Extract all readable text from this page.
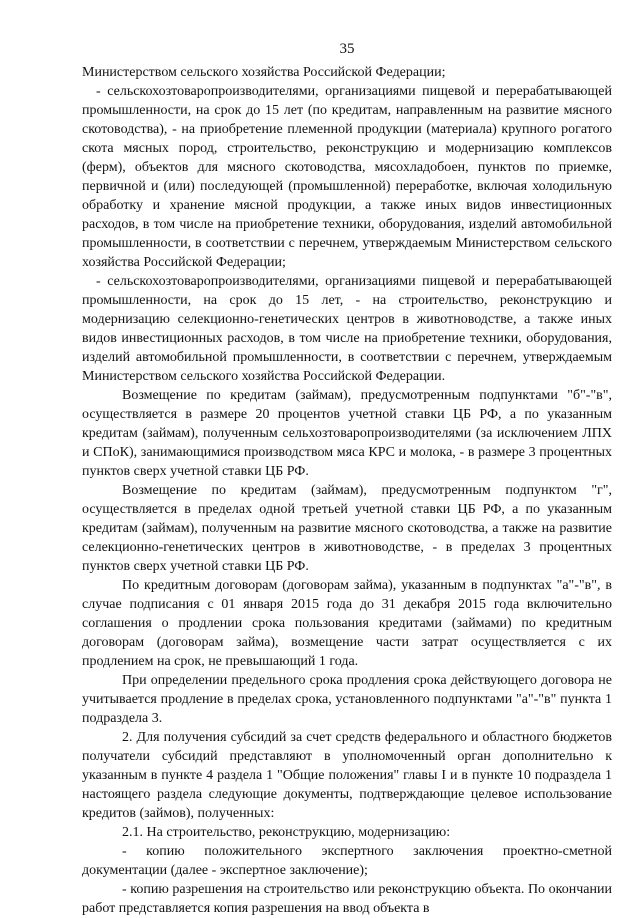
35

Министерством сельского хозяйства Российской Федерации;

- сельскохозтоваропроизводителями, организациями пищевой и перерабатывающей промышленности, на срок до 15 лет (по кредитам, направленным на развитие мясного скотоводства), - на приобретение племенной продукции (материала) крупного рогатого скота мясных пород, строительство, реконструкцию и модернизацию комплексов (ферм), объектов для мясного скотоводства, мясохладобоен, пунктов по приемке, первичной и (или) последующей (промышленной) переработке, включая холодильную обработку и хранение мясной продукции, а также иных видов инвестиционных расходов, в том числе на приобретение техники, оборудования, изделий автомобильной промышленности, в соответствии с перечнем, утверждаемым Министерством сельского хозяйства Российской Федерации;

- сельскохозтоваропроизводителями, организациями пищевой и перерабатывающей промышленности, на срок до 15 лет, - на строительство, реконструкцию и модернизацию селекционно-генетических центров в животноводстве, а также иных видов инвестиционных расходов, в том числе на приобретение техники, оборудования, изделий автомобильной промышленности, в соответствии с перечнем, утверждаемым Министерством сельского хозяйства Российской Федерации.

Возмещение по кредитам (займам), предусмотренным подпунктами "б"-"в", осуществляется в размере 20 процентов учетной ставки ЦБ РФ, а по указанным кредитам (займам), полученным сельхозтоваропроизводителями (за исключением ЛПХ и СПоК), занимающимися производством мяса КРС и молока, - в размере 3 процентных пунктов сверх учетной ставки ЦБ РФ.

Возмещение по кредитам (займам), предусмотренным подпунктом "г", осуществляется в пределах одной третьей учетной ставки ЦБ РФ, а по указанным кредитам (займам), полученным на развитие мясного скотоводства, а также на развитие селекционно-генетических центров в животноводстве, - в пределах 3 процентных пунктов сверх учетной ставки ЦБ РФ.

По кредитным договорам (договорам займа), указанным в подпунктах "а"-"в", в случае подписания с 01 января 2015 года до 31 декабря 2015 года включительно соглашения о продлении срока пользования кредитами (займами) по кредитным договорам (договорам займа), возмещение части затрат осуществляется с их продлением на срок, не превышающий 1 года.

При определении предельного срока продления срока действующего договора не учитывается продление в пределах срока, установленного подпунктами "а"-"в" пункта 1 подраздела 3.

2. Для получения субсидий за счет средств федерального и областного бюджетов получатели субсидий представляют в уполномоченный орган дополнительно к указанным в пункте 4 раздела 1 "Общие положения" главы I и в пункте 10 подраздела 1 настоящего раздела следующие документы, подтверждающие целевое использование кредитов (займов), полученных:

2.1. На строительство, реконструкцию, модернизацию:

- копию положительного экспертного заключения проектно-сметной документации (далее - экспертное заключение);

- копию разрешения на строительство или реконструкцию объекта. По окончании работ представляется копия разрешения на ввод объекта в
